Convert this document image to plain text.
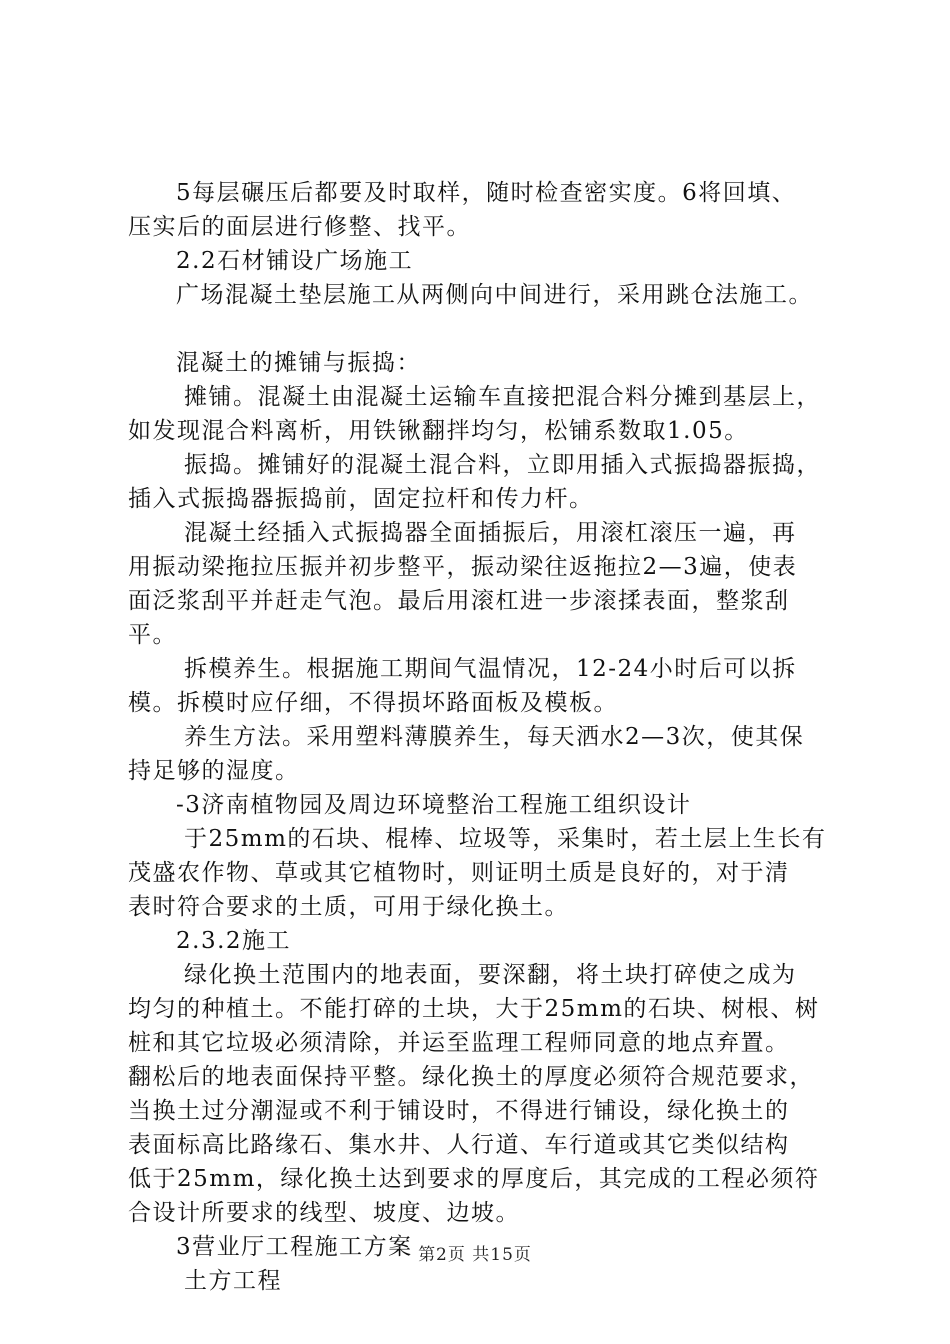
5每层碾压后都要及时取样，随时检查密实度。6将回填、
压实后的面层进行修整、找平。
2.2石材铺设广场施工
广场混凝土垫层施工从两侧向中间进行，采用跳仓法施工。
混凝土的摊铺与振捣：
摊铺。混凝土由混凝土运输车直接把混合料分摊到基层上，
如发现混合料离析，用铁锹翻拌均匀，松铺系数取1.05。
振捣。摊铺好的混凝土混合料，立即用插入式振捣器振捣，
插入式振捣器振捣前，固定拉杆和传力杆。
混凝土经插入式振捣器全面插振后，用滚杠滚压一遍，再
用振动梁拖拉压振并初步整平，振动梁往返拖拉2—3遍，使表
面泛浆刮平并赶走气泡。最后用滚杠进一步滚揉表面，整浆刮
平。
拆模养生。根据施工期间气温情况，12-24小时后可以拆
模。拆模时应仔细，不得损坏路面板及模板。
养生方法。采用塑料薄膜养生，每天洒水2—3次，使其保
持足够的湿度。
-3济南植物园及周边环境整治工程施工组织设计
于25mm的石块、棍棒、垃圾等，采集时，若土层上生长有
茂盛农作物、草或其它植物时，则证明土质是良好的，对于清
表时符合要求的土质，可用于绿化换土。
2.3.2施工
绿化换土范围内的地表面，要深翻，将土块打碎使之成为
均匀的种植土。不能打碎的土块，大于25mm的石块、树根、树
桩和其它垃圾必须清除，并运至监理工程师同意的地点弃置。
翻松后的地表面保持平整。绿化换土的厚度必须符合规范要求，
当换土过分潮湿或不利于铺设时，不得进行铺设，绿化换土的
表面标高比路缘石、集水井、人行道、车行道或其它类似结构
低于25mm，绿化换土达到要求的厚度后，其完成的工程必须符
合设计所要求的线型、坡度、边坡。
3营业厅工程施工方案
土方工程
第2页 共15页
